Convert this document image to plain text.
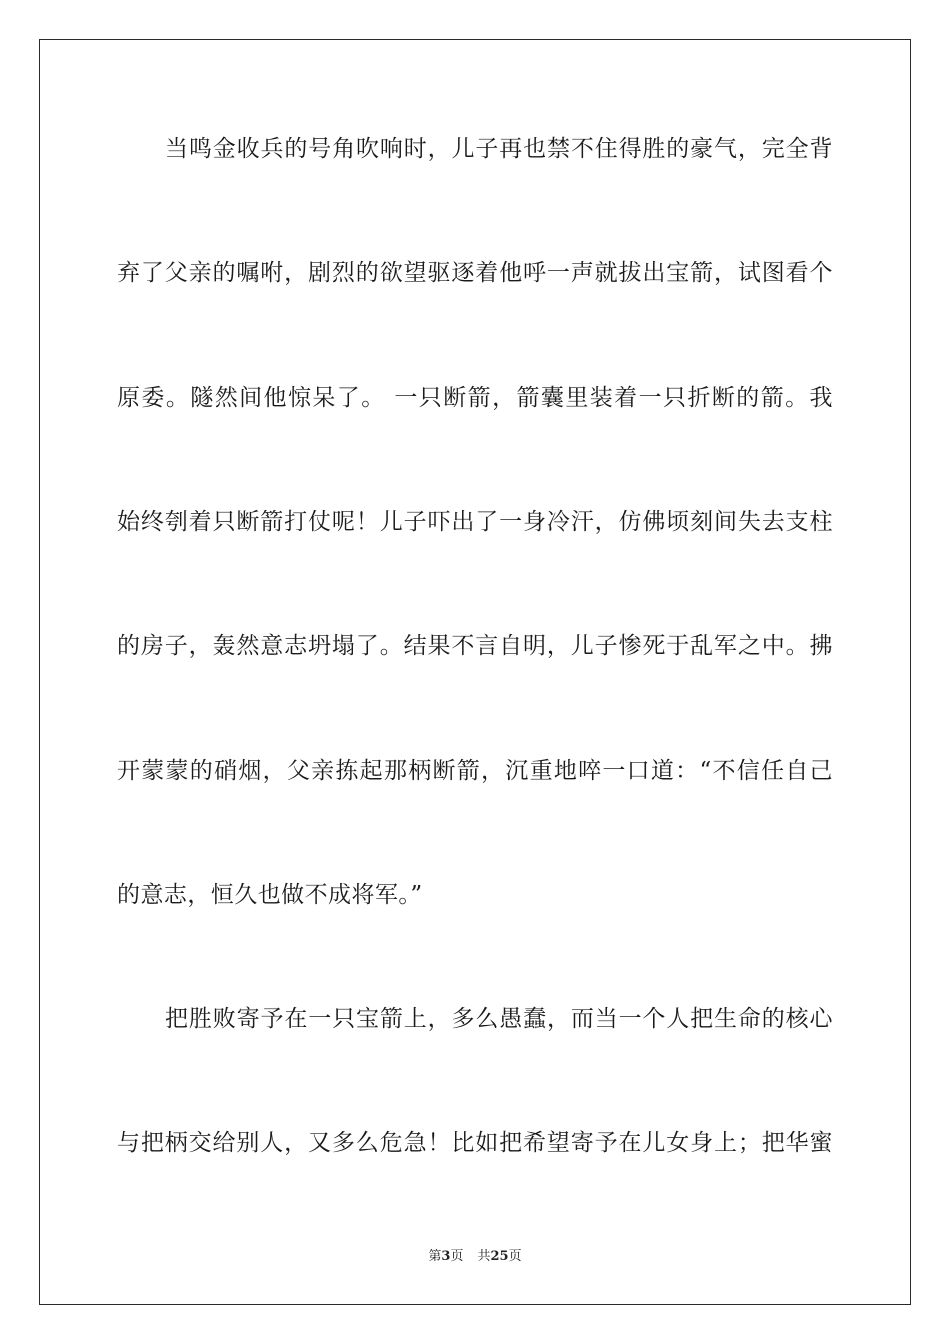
当鸣金收兵的号角吹响时，儿子再也禁不住得胜的豪气，完全背
弃了父亲的嘱咐，剧烈的欲望驱逐着他呼一声就拔出宝箭，试图看个
原委。隧然间他惊呆了。 一只断箭，箭囊里装着一只折断的箭。我
始终刳着只断箭打仗呢！儿子吓出了一身冷汗，仿佛顷刻间失去支柱
的房子，轰然意志坍塌了。结果不言自明，儿子惨死于乱军之中。拂
开蒙蒙的硝烟，父亲拣起那柄断箭，沉重地啐一口道：“不信任自己
的意志，恒久也做不成将军。”
把胜败寄予在一只宝箭上，多么愚蠢，而当一个人把生命的核心
与把柄交给别人，又多么危急！比如把希望寄予在儿女身上；把华蜜
第3页 共25页
